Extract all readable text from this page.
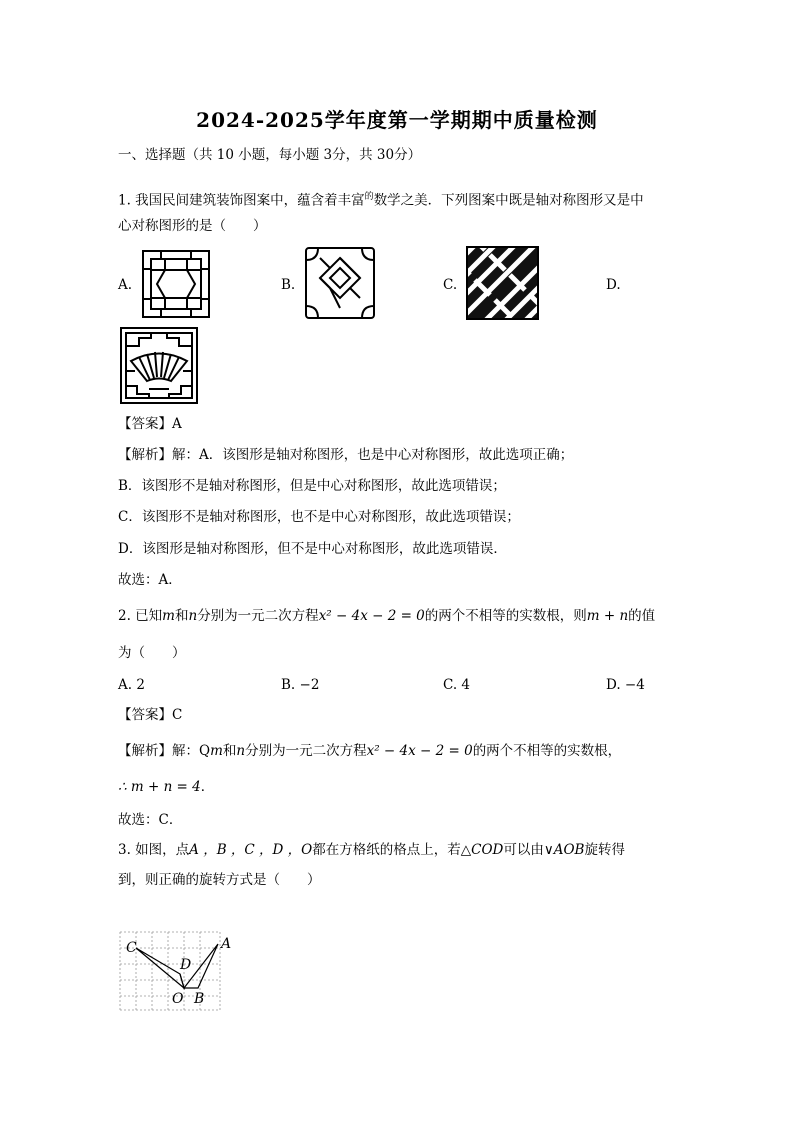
2024-2025学年度第一学期期中质量检测
一、选择题（共 10 小题，每小题 3分，共 30分）
1. 我国民间建筑装饰图案中，蕴含着丰富$^的$数学之美．下列图案中既是轴对称图形又是中
心对称图形的是（　　）
A.	B.	C.	D.
【答案】A
【解析】解：A．该图形是轴对称图形，也是中心对称图形，故此选项正确；
B．该图形不是轴对称图形，但是中心对称图形，故此选项错误；
C．该图形不是轴对称图形，也不是中心对称图形，故此选项错误；
D．该图形是轴对称图形，但不是中心对称图形，故此选项错误．
故选：A．
2. 已知m和n分别为一元二次方程x² − 4x − 2 = 0的两个不相等的实数根，则m + n的值
为（　　）
A. 2	B. −2	C. 4	D. −4
【答案】C
【解析】解：Qm和n分别为一元二次方程x² − 4x − 2 = 0的两个不相等的实数根，
∴ m + n = 4．
故选：C．
3. 如图，点A ，B ，C ，D ，O都在方格纸的格点上，若△COD可以由∨AOB旋转得
到，则正确的旋转方式是（　　）
C
D
A
O B
